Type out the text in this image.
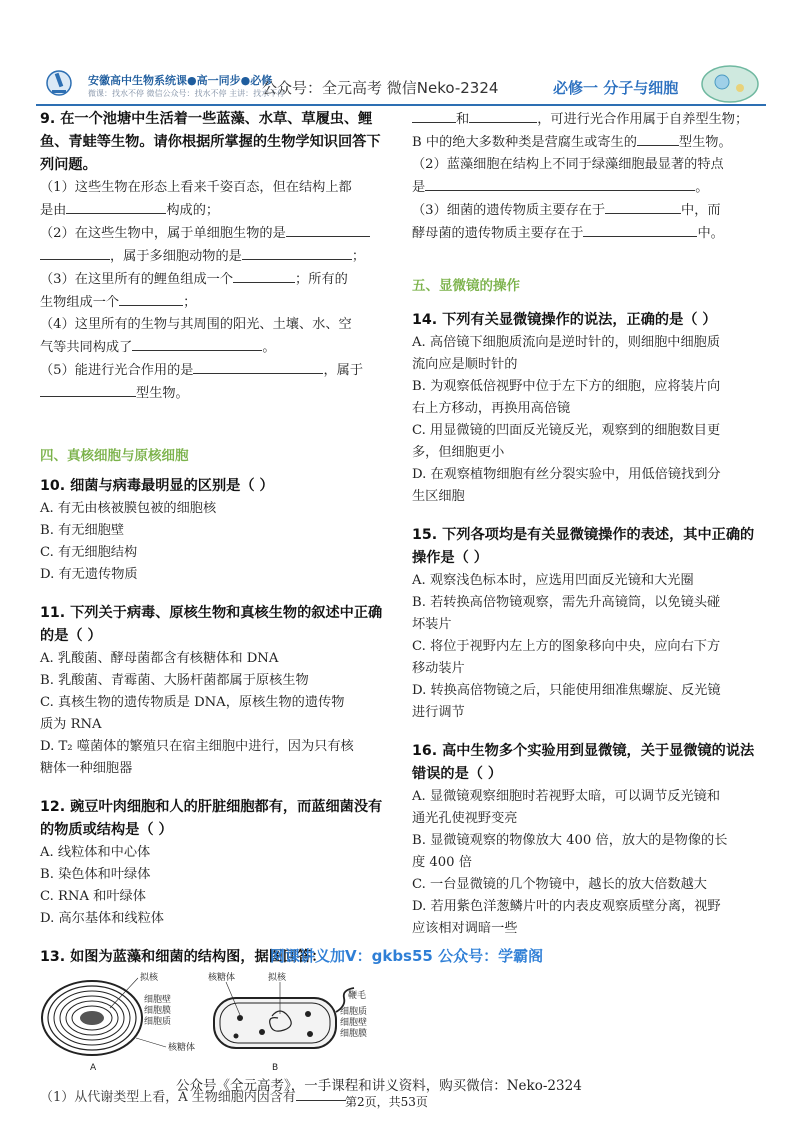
安徽高中生物系统课●高一同步●必修
微课：找水不停 微信公众号：找水不停 主讲：找水不停
公众号：全元高考 微信Neko-2324	必修一 分子与细胞
9. 在一个池塘中生活着一些蓝藻、水草、草履虫、鲤鱼、青蛙等生物。请你根据所掌握的生物学知识回答下列问题。

（1）这些生物在形态上看来千姿百态，但在结构上都

是由	构成的；

（2）在这些生物中，属于单细胞生物的是

，属于多细胞动物的是	；

（3）在这里所有的鲤鱼组成一个	；所有的

生物组成一个	；

（4）这里所有的生物与其周围的阳光、土壤、水、空

气等共同构成了	。

（5）能进行光合作用的是	，属于

型生物。

四、真核细胞与原核细胞
10. 细菌与病毒最明显的区别是（ ）

A. 有无由核被膜包被的细胞核

B. 有无细胞壁

C. 有无细胞结构

D. 有无遗传物质

11. 下列关于病毒、原核生物和真核生物的叙述中正确的是（ ）

A. 乳酸菌、酵母菌都含有核糖体和 DNA

B. 乳酸菌、青霉菌、大肠杆菌都属于原核生物

C. 真核生物的遗传物质是 DNA，原核生物的遗传物

质为 RNA

D. T₂ 噬菌体的繁殖只在宿主细胞中进行，因为只有核

糖体一种细胞器

12. 豌豆叶肉细胞和人的肝脏细胞都有，而蓝细菌没有的物质或结构是（ ）

A. 线粒体和中心体

B. 染色体和叶绿体

C. RNA 和叶绿体

D. 高尔基体和线粒体

13. 如图为蓝藻和细菌的结构图，据图回答：
网课讲义加V：gkbs55 公众号：学霸阁
拟核
细胞壁
细胞膜
细胞质
核糖体
A
核糖体	拟核
鞭毛
细胞质
细胞壁
细胞膜
B
（1）从代谢类型上看，A 生物细胞内因含有

和	，可进行光合作用属于自养型生物；

B 中的绝大多数种类是营腐生或寄生的	型生物。

（2）蓝藻细胞在结构上不同于绿藻细胞最显著的特点

是	。

（3）细菌的遗传物质主要存在于	中，而

酵母菌的遗传物质主要存在于	中。

五、显微镜的操作
14. 下列有关显微镜操作的说法，正确的是（ ）

A. 高倍镜下细胞质流向是逆时针的，则细胞中细胞质

流向应是顺时针的

B. 为观察低倍视野中位于左下方的细胞，应将装片向

右上方移动，再换用高倍镜

C. 用显微镜的凹面反光镜反光，观察到的细胞数目更

多，但细胞更小

D. 在观察植物细胞有丝分裂实验中，用低倍镜找到分

生区细胞

15. 下列各项均是有关显微镜操作的表述，其中正确的操作是（ ）

A. 观察浅色标本时，应选用凹面反光镜和大光圈

B. 若转换高倍物镜观察，需先升高镜筒，以免镜头碰

坏装片

C. 将位于视野内左上方的图象移向中央，应向右下方

移动装片

D. 转换高倍物镜之后，只能使用细准焦螺旋、反光镜

进行调节

16. 高中生物多个实验用到显微镜，关于显微镜的说法错误的是（ ）

A. 显微镜观察细胞时若视野太暗，可以调节反光镜和

通光孔使视野变亮

B. 显微镜观察的物像放大 400 倍，放大的是物像的长

度 400 倍

C. 一台显微镜的几个物镜中，越长的放大倍数越大

D. 若用紫色洋葱鳞片叶的内表皮观察质壁分离，视野

应该相对调暗一些

公众号《全元高考》，一手课程和讲义资料，购买微信：Neko-2324
第2页，共53页
